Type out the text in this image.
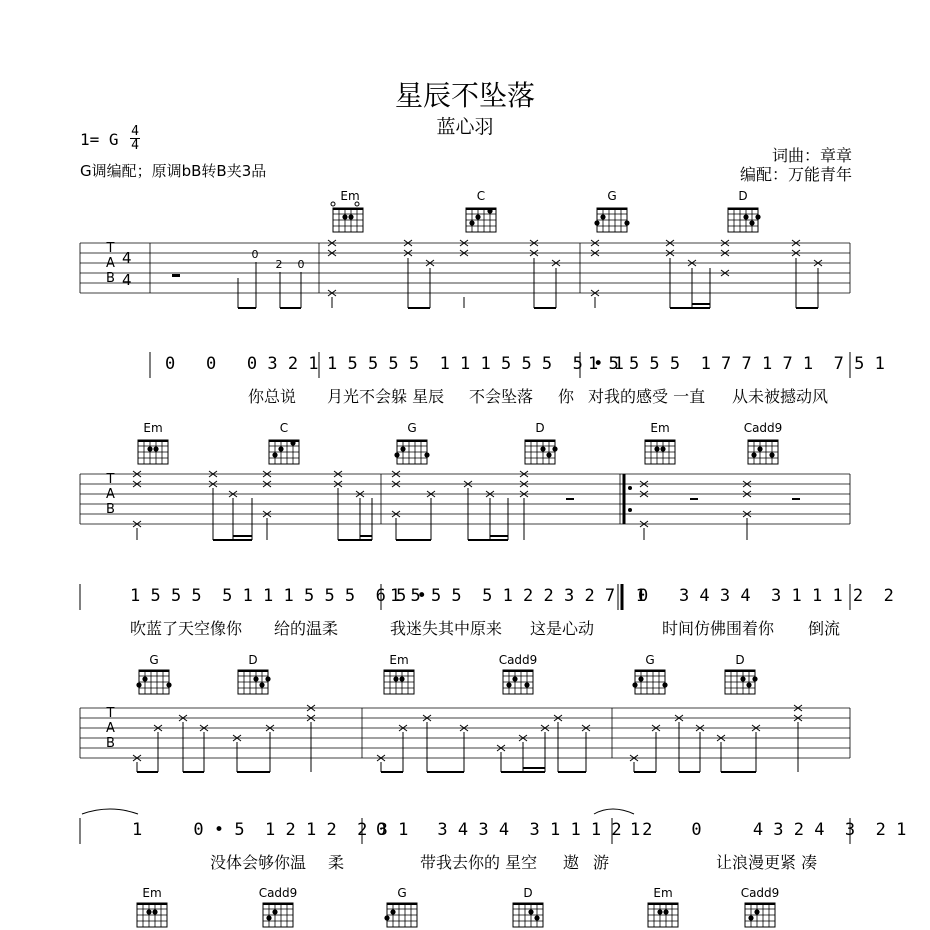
星辰不坠落
蓝心羽
1= G 4
4
G调编配；原调bB转B夹3品
词曲：章章
编配：万能青年
0
2 0
T
A
B
4
4
T
A
B
T
A
B
Em	C	G	D
Em	C	G	D	Em	Cadd9
G	D	Em	Cadd9	G	D
Em	Cadd9	G	D	Em	Cadd9
0   0   0 3 2 1 1 5 5 5 5  1 1 1 5 5 5  5 • 1
1 5 5 5 5  1 7 7 1 7 1  7 5 1
1 5 5 5  5 1 1 1 5 5 5  6 5 •
1 5 5 5  5 1 2 2 3 2 7  1
0   3 4 3 4  3 1 1 1 2  2
1     0 • 5  1 2 1 2  2 3 1
0     3 4 3 4  3 1 1 1 2  2
1     0     4 3 2 4  3  2 1
你总说 月光不会躲 星辰 不会坠落 你 对我的感受 一直 从未被撼动风
吹蓝了天空像你 给的温柔	我迷失其中原来 这是心动	时间仿佛围着你 倒流
没体会够你温 柔	带我去你的 星空 遨 游	让浪漫更紧 凑
